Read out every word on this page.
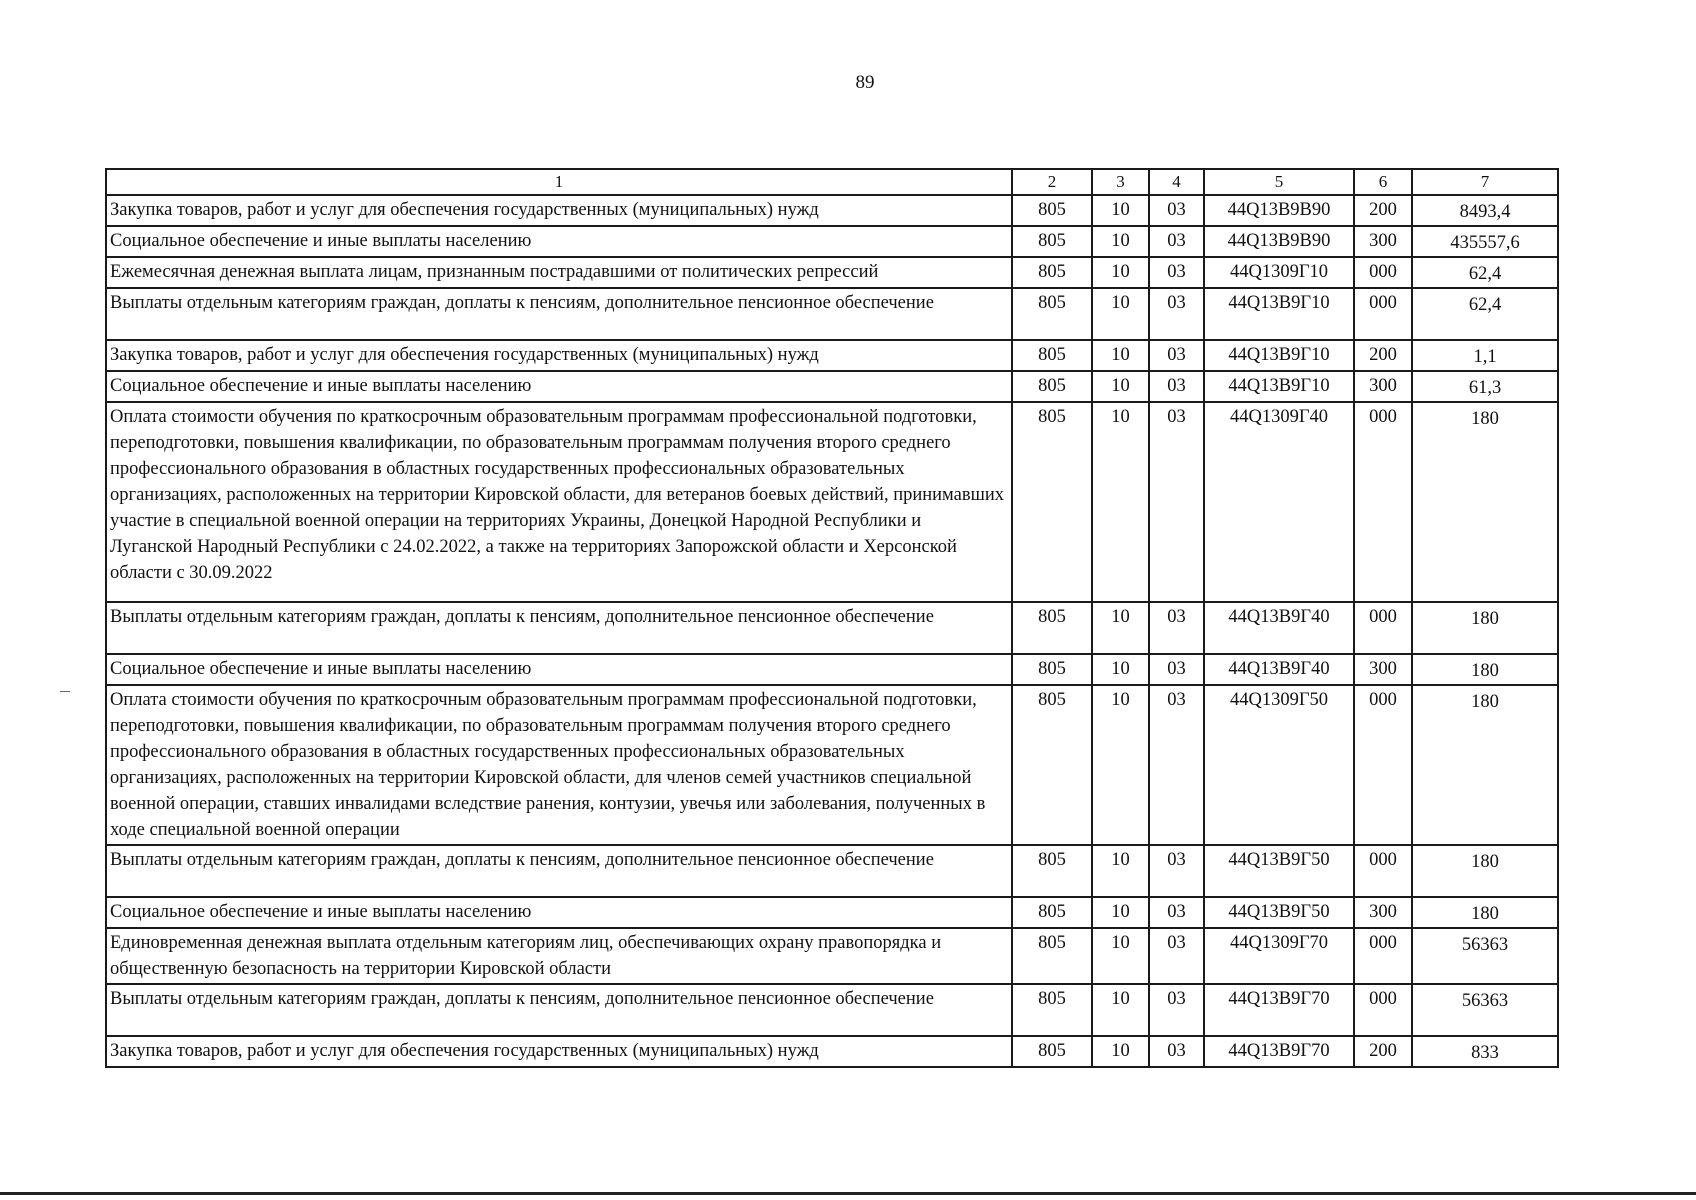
89
1	2	3	4	5	6	7
Закупка товаров, работ и услуг для обеспечения государственных (муниципальных) нужд	805	10	03	44Q13B9B90	200	8493,4
Социальное обеспечение и иные выплаты населению	805	10	03	44Q13B9B90	300	435557,6
Ежемесячная денежная выплата лицам, признанным пострадавшими от политических репрессий	805	10	03	44Q1309Г10	000	62,4
Выплаты отдельным категориям граждан, доплаты к пенсиям, дополнительное пенсионное обеспечение	805	10	03	44Q13B9Г10	000	62,4
Закупка товаров, работ и услуг для обеспечения государственных (муниципальных) нужд	805	10	03	44Q13B9Г10	200	1,1
Социальное обеспечение и иные выплаты населению	805	10	03	44Q13B9Г10	300	61,3
Оплата стоимости обучения по краткосрочным образовательным программам профессиональной подготовки, переподготовки, повышения квалификации, по образовательным программам получения второго среднего профессионального образования в областных государственных профессиональных образовательных организациях, расположенных на территории Кировской области, для ветеранов боевых действий, принимавших участие в специальной военной операции на территориях Украины, Донецкой Народной Республики и Луганской Народный Республики с 24.02.2022, а также на территориях Запорожской области и Херсонской области с 30.09.2022	805	10	03	44Q1309Г40	000	180
Выплаты отдельным категориям граждан, доплаты к пенсиям, дополнительное пенсионное обеспечение	805	10	03	44Q13B9Г40	000	180
Социальное обеспечение и иные выплаты населению	805	10	03	44Q13B9Г40	300	180
Оплата стоимости обучения по краткосрочным образовательным программам профессиональной подготовки, переподготовки, повышения квалификации, по образовательным программам получения второго среднего профессионального образования в областных государственных профессиональных образовательных организациях, расположенных на территории Кировской области, для членов семей участников специальной военной операции, ставших инвалидами вследствие ранения, контузии, увечья или заболевания, полученных в ходе специальной военной операции	805	10	03	44Q1309Г50	000	180
Выплаты отдельным категориям граждан, доплаты к пенсиям, дополнительное пенсионное обеспечение	805	10	03	44Q13B9Г50	000	180
Социальное обеспечение и иные выплаты населению	805	10	03	44Q13B9Г50	300	180
Единовременная денежная выплата отдельным категориям лиц, обеспечивающих охрану правопорядка и общественную безопасность на территории Кировской области	805	10	03	44Q1309Г70	000	56363
Выплаты отдельным категориям граждан, доплаты к пенсиям, дополнительное пенсионное обеспечение	805	10	03	44Q13B9Г70	000	56363
Закупка товаров, работ и услуг для обеспечения государственных (муниципальных) нужд	805	10	03	44Q13B9Г70	200	833
